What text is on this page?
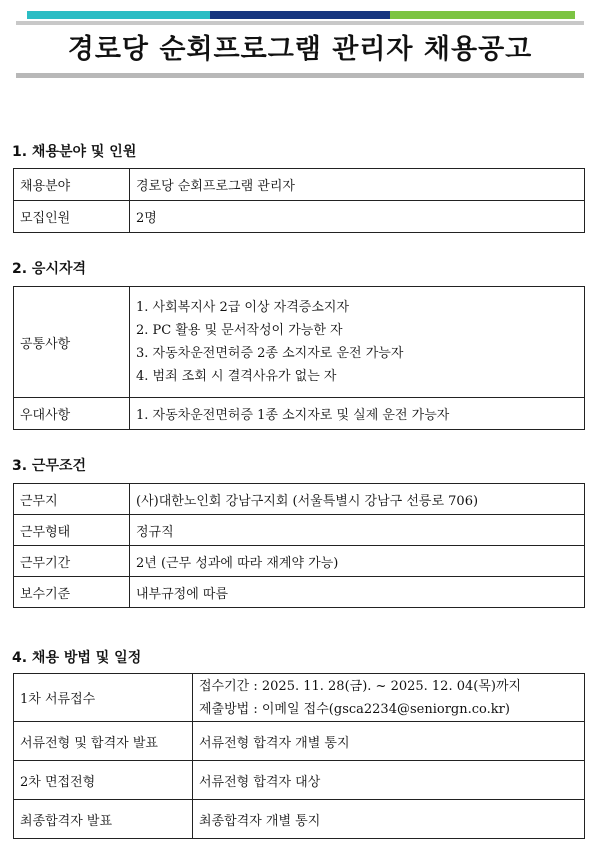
경로당 순회프로그램 관리자 채용공고
1. 채용분야 및 인원
채용분야	경로당 순회프로그램 관리자
모집인원	2명
2. 응시자격
공통사항	1. 사회복지사 2급 이상 자격증소지자
2. PC 활용 및 문서작성이 가능한 자
3. 자동차운전면허증 2종 소지자로 운전 가능자
4. 범죄 조회 시 결격사유가 없는 자

우대사항	1. 자동차운전면허증 1종 소지자로 및 실제 운전 가능자
3. 근무조건
근무지	(사)대한노인회 강남구지회 (서울특별시 강남구 선릉로 706)
근무형태	정규직
근무기간	2년 (근무 성과에 따라 재계약 가능)
보수기준	내부규정에 따름
4. 채용 방법 및 일정
1차 서류접수	접수기간 : 2025. 11. 28(금). ~ 2025. 12. 04(목)까지
제출방법 : 이메일 접수(gsca2234@seniorgn.co.kr)

서류전형 및 합격자 발표	서류전형 합격자 개별 통지
2차 면접전형	서류전형 합격자 대상
최종합격자 발표	최종합격자 개별 통지
